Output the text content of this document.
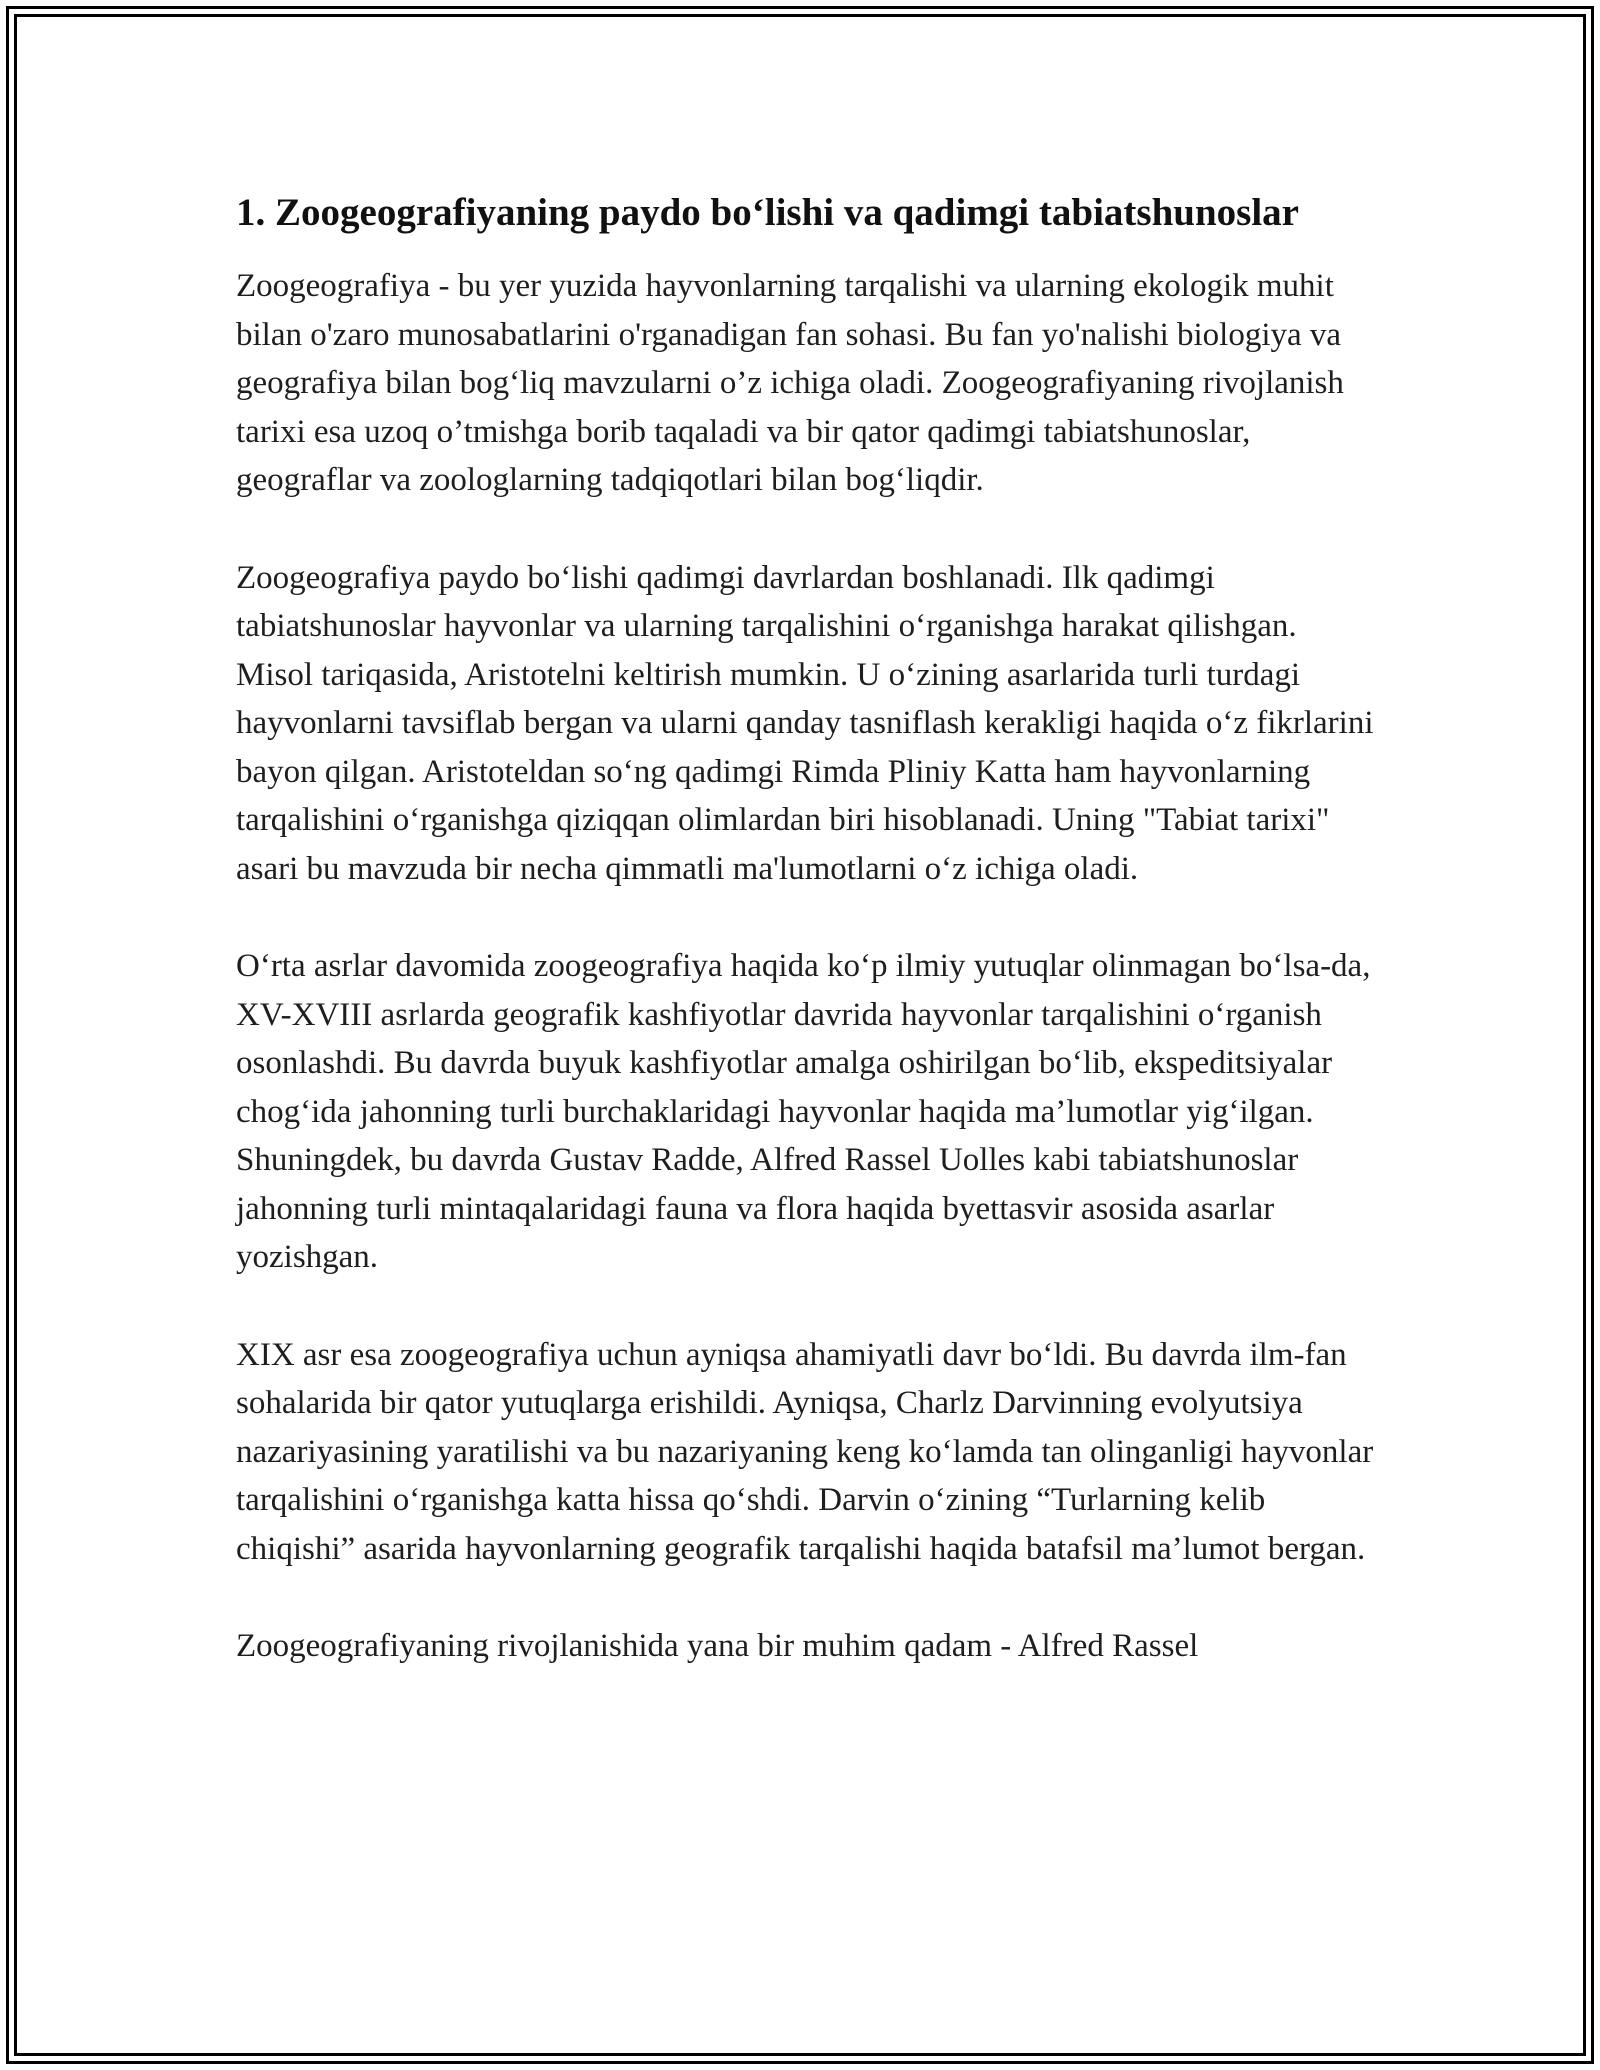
1. Zoogeografiyaning paydo boʻlishi va qadimgi tabiatshunoslar

Zoogeografiya - bu yer yuzida hayvonlarning tarqalishi va ularning ekologik muhit bilan o'zaro munosabatlarini o'rganadigan fan sohasi. Bu fan yo'nalishi biologiya va geografiya bilan bogʻliq mavzularni o’z ichiga oladi. Zoogeografiyaning rivojlanish tarixi esa uzoq o’tmishga borib taqaladi va bir qator qadimgi tabiatshunoslar, geograflar va zoologlarning tadqiqotlari bilan bogʻliqdir.

Zoogeografiya paydo boʻlishi qadimgi davrlardan boshlanadi. Ilk qadimgi tabiatshunoslar hayvonlar va ularning tarqalishini oʻrganishga harakat qilishgan. Misol tariqasida, Aristotelni keltirish mumkin. U oʻzining asarlarida turli turdagi hayvonlarni tavsiflab bergan va ularni qanday tasniflash kerakligi haqida oʻz fikrlarini bayon qilgan. Aristoteldan soʻng qadimgi Rimda Pliniy Katta ham hayvonlarning tarqalishini oʻrganishga qiziqqan olimlardan biri hisoblanadi. Uning "Tabiat tarixi" asari bu mavzuda bir necha qimmatli ma'lumotlarni oʻz ichiga oladi.

Oʻrta asrlar davomida zoogeografiya haqida koʻp ilmiy yutuqlar olinmagan boʻlsa-da, XV-XVIII asrlarda geografik kashfiyotlar davrida hayvonlar tarqalishini oʻrganish osonlashdi. Bu davrda buyuk kashfiyotlar amalga oshirilgan boʻlib, ekspeditsiyalar chogʻida jahonning turli burchaklaridagi hayvonlar haqida ma’lumotlar yigʻilgan. Shuningdek, bu davrda Gustav Radde, Alfred Rassel Uolles kabi tabiatshunoslar jahonning turli mintaqalaridagi fauna va flora haqida byettasvir asosida asarlar yozishgan.

XIX asr esa zoogeografiya uchun ayniqsa ahamiyatli davr boʻldi. Bu davrda ilm-fan sohalarida bir qator yutuqlarga erishildi. Ayniqsa, Charlz Darvinning evolyutsiya nazariyasining yaratilishi va bu nazariyaning keng koʻlamda tan olinganligi hayvonlar tarqalishini oʻrganishga katta hissa qoʻshdi. Darvin oʻzining “Turlarning kelib chiqishi” asarida hayvonlarning geografik tarqalishi haqida batafsil ma’lumot bergan.

Zoogeografiyaning rivojlanishida yana bir muhim qadam - Alfred Rassel
